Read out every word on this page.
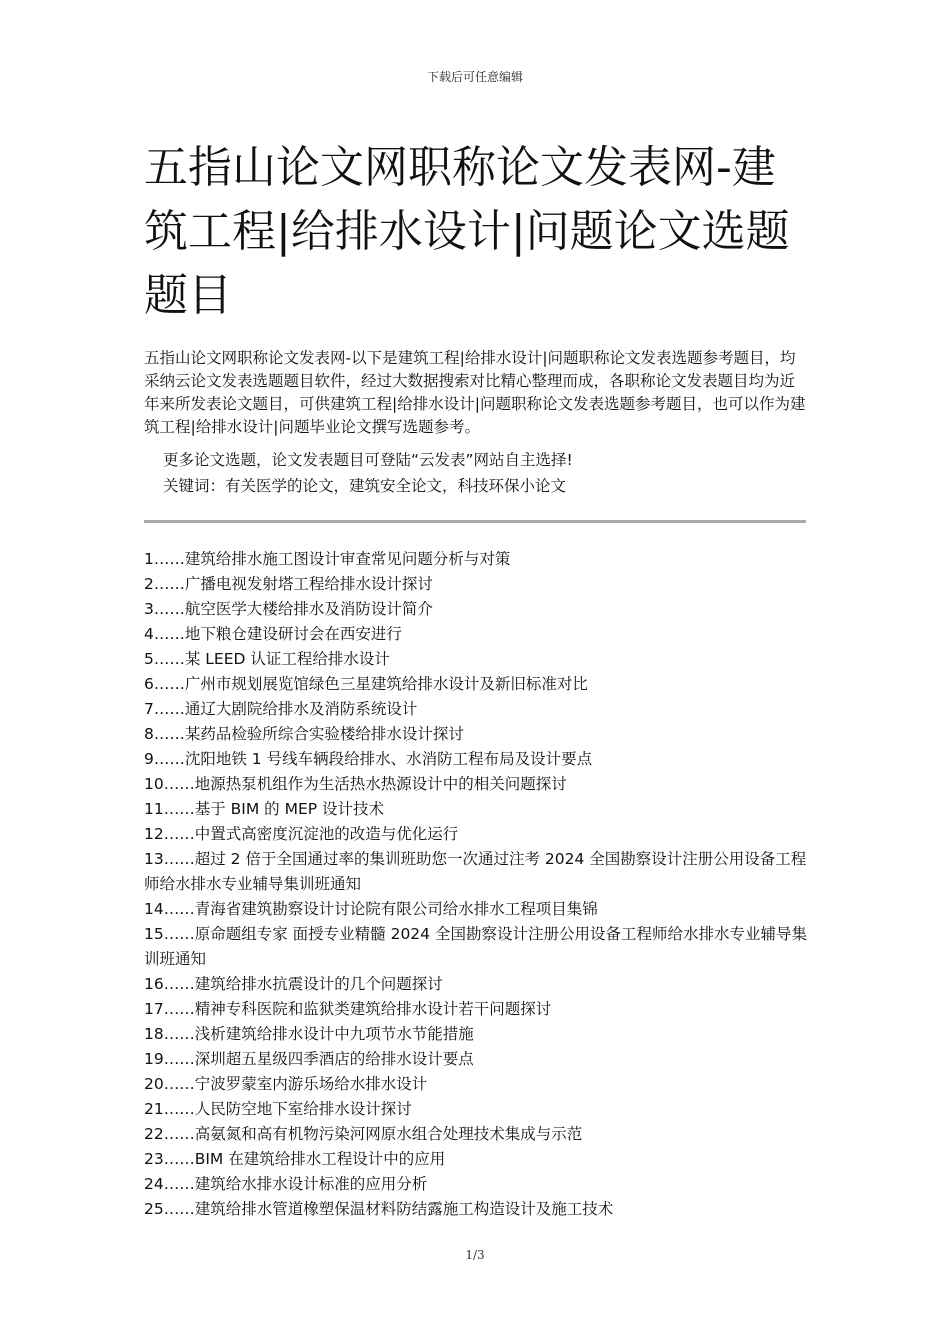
下载后可任意编辑
五指山论文网职称论文发表网-建筑工程|给排水设计|问题论文选题题目

五指山论文网职称论文发表网-以下是建筑工程|给排水设计|问题职称论文发表选题参考题目，均采纳云论文发表选题题目软件，经过大数据搜索对比精心整理而成，各职称论文发表题目均为近年来所发表论文题目，可供建筑工程|给排水设计|问题职称论文发表选题参考题目，也可以作为建筑工程|给排水设计|问题毕业论文撰写选题参考。

更多论文选题，论文发表题目可登陆“云发表”网站自主选择!
关键词：有关医学的论文，建筑安全论文，科技环保小论文
1……建筑给排水施工图设计审查常见问题分析与对策
2……广播电视发射塔工程给排水设计探讨
3……航空医学大楼给排水及消防设计简介
4……地下粮仓建设研讨会在西安进行
5……某 LEED 认证工程给排水设计
6……广州市规划展览馆绿色三星建筑给排水设计及新旧标准对比
7……通辽大剧院给排水及消防系统设计
8……某药品检验所综合实验楼给排水设计探讨
9……沈阳地铁 1 号线车辆段给排水、水消防工程布局及设计要点
10……地源热泵机组作为生活热水热源设计中的相关问题探讨
11……基于 BIM 的 MEP 设计技术
12……中置式高密度沉淀池的改造与优化运行
13……超过 2 倍于全国通过率的集训班助您一次通过注考 2024 全国勘察设计注册公用设备工程师给水排水专业辅导集训班通知
14……青海省建筑勘察设计讨论院有限公司给水排水工程项目集锦
15……原命题组专家 面授专业精髓 2024 全国勘察设计注册公用设备工程师给水排水专业辅导集训班通知
16……建筑给排水抗震设计的几个问题探讨
17……精神专科医院和监狱类建筑给排水设计若干问题探讨
18……浅析建筑给排水设计中九项节水节能措施
19……深圳超五星级四季酒店的给排水设计要点
20……宁波罗蒙室内游乐场给水排水设计
21……人民防空地下室给排水设计探讨
22……高氨氮和高有机物污染河网原水组合处理技术集成与示范
23……BIM 在建筑给排水工程设计中的应用
24……建筑给水排水设计标准的应用分析
25……建筑给排水管道橡塑保温材料防结露施工构造设计及施工技术
1/3
